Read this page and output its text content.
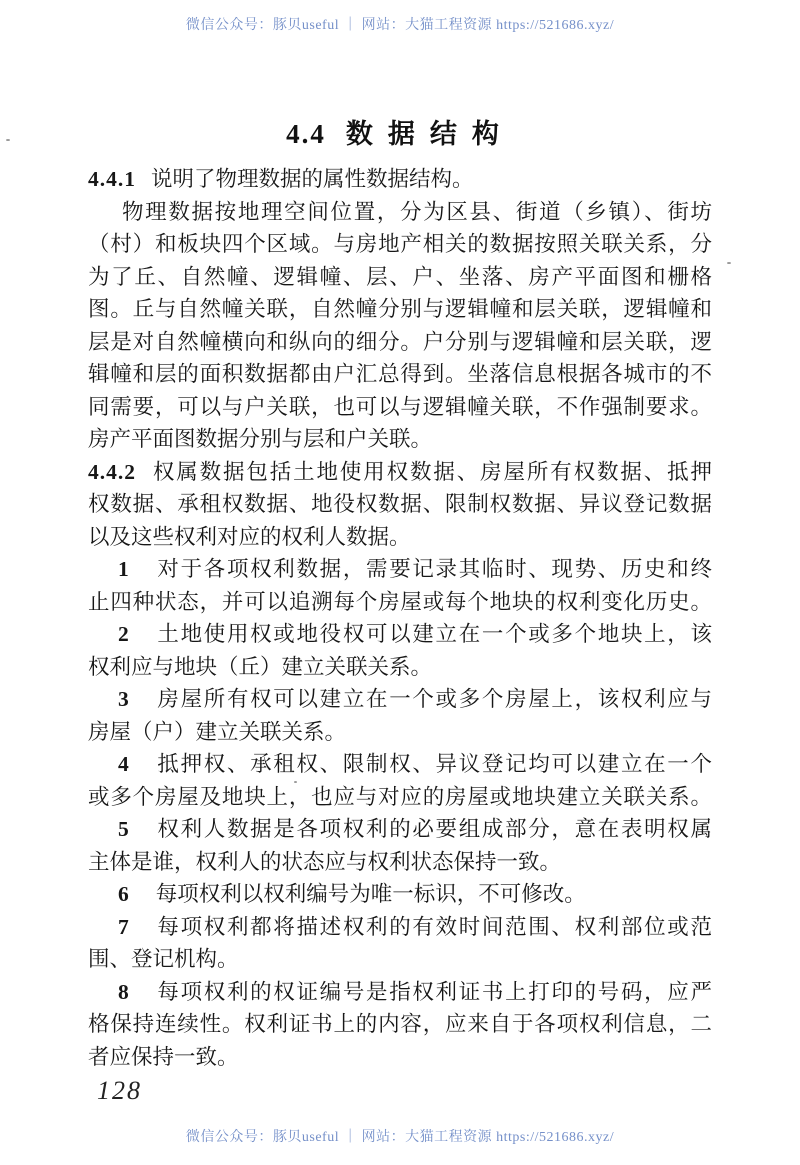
微信公众号：豚贝useful ｜ 网站：大猫工程资源 https://521686.xyz/
4.4 数据结构
4.4.1 说明了物理数据的属性数据结构。
物理数据按地理空间位置，分为区县、街道（乡镇）、街坊
（村）和板块四个区域。与房地产相关的数据按照关联关系，分
为了丘、自然幢、逻辑幢、层、户、坐落、房产平面图和栅格
图。丘与自然幢关联，自然幢分别与逻辑幢和层关联，逻辑幢和
层是对自然幢横向和纵向的细分。户分别与逻辑幢和层关联，逻
辑幢和层的面积数据都由户汇总得到。坐落信息根据各城市的不
同需要，可以与户关联，也可以与逻辑幢关联，不作强制要求。
房产平面图数据分别与层和户关联。
4.4.2 权属数据包括土地使用权数据、房屋所有权数据、抵押
权数据、承租权数据、地役权数据、限制权数据、异议登记数据
以及这些权利对应的权利人数据。
1 对于各项权利数据，需要记录其临时、现势、历史和终
止四种状态，并可以追溯每个房屋或每个地块的权利变化历史。
2 土地使用权或地役权可以建立在一个或多个地块上，该
权利应与地块（丘）建立关联关系。
3 房屋所有权可以建立在一个或多个房屋上，该权利应与
房屋（户）建立关联关系。
4 抵押权、承租权、限制权、异议登记均可以建立在一个
或多个房屋及地块上，也应与对应的房屋或地块建立关联关系。
5 权利人数据是各项权利的必要组成部分，意在表明权属
主体是谁，权利人的状态应与权利状态保持一致。
6 每项权利以权利编号为唯一标识，不可修改。
7 每项权利都将描述权利的有效时间范围、权利部位或范
围、登记机构。
8 每项权利的权证编号是指权利证书上打印的号码，应严
格保持连续性。权利证书上的内容，应来自于各项权利信息，二
者应保持一致。
128
微信公众号：豚贝useful ｜ 网站：大猫工程资源 https://521686.xyz/
